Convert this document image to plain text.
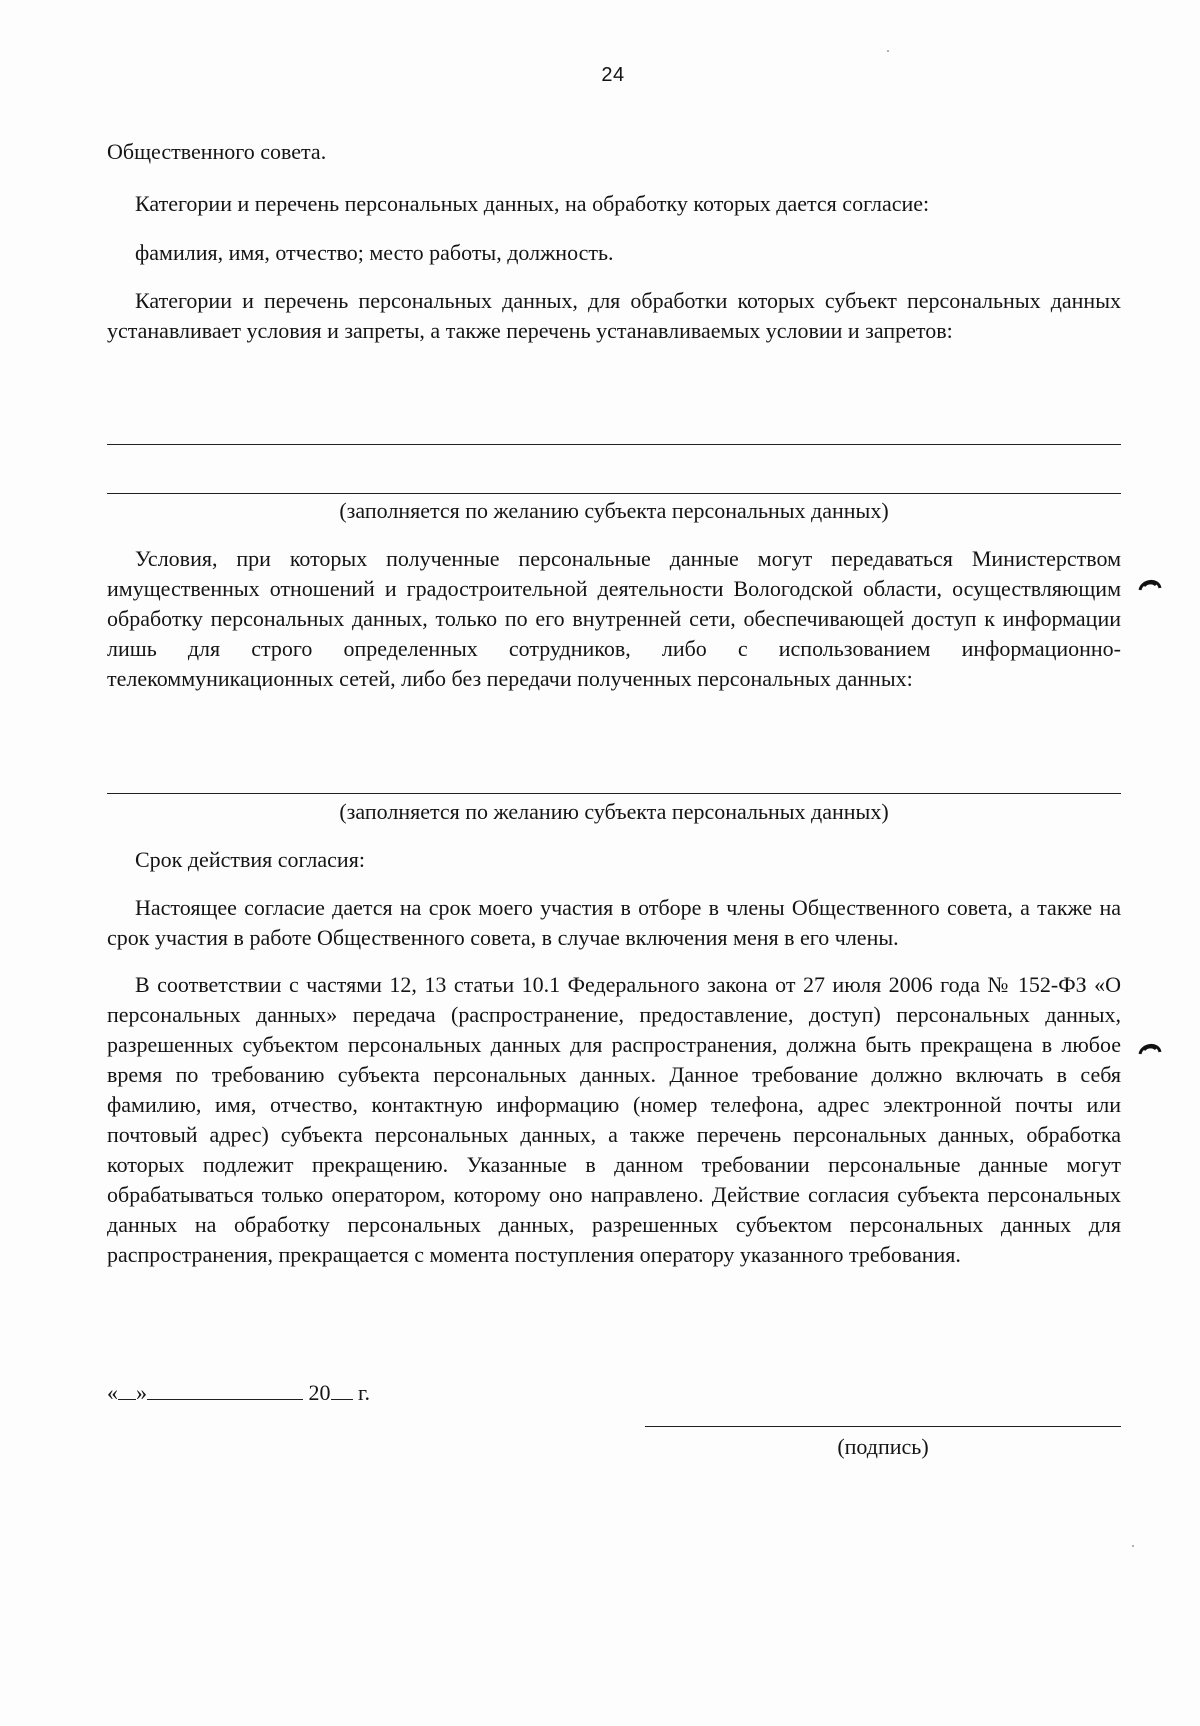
24

Общественного совета.

Категории и перечень персональных данных, на обработку которых дается согласие:

фамилия, имя, отчество; место работы, должность.

Категории и перечень персональных данных, для обработки которых субъект персональных данных устанавливает условия и запреты, а также перечень устанавливаемых условии и запретов:

(заполняется по желанию субъекта персональных данных)

Условия, при которых полученные персональные данные могут передаваться Министерством имущественных отношений и градостроительной деятельности Вологодской области, осуществляющим обработку персональных данных, только по его внутренней сети, обеспечивающей доступ к информации лишь для строго определенных сотрудников, либо с использованием информационно-телекоммуникационных сетей, либо без передачи полученных персональных данных:

(заполняется по желанию субъекта персональных данных)

Срок действия согласия:

Настоящее согласие дается на срок моего участия в отборе в члены Общественного совета, а также на срок участия в работе Общественного совета, в случае включения меня в его члены.

В соответствии с частями 12, 13 статьи 10.1 Федерального закона от 27 июля 2006 года № 152-ФЗ «О персональных данных» передача (распространение, предоставление, доступ) персональных данных, разрешенных субъектом персональных данных для распространения, должна быть прекращена в любое время по требованию субъекта персональных данных. Данное требование должно включать в себя фамилию, имя, отчество, контактную информацию (номер телефона, адрес электронной почты или почтовый адрес) субъекта персональных данных, а также перечень персональных данных, обработка которых подлежит прекращению. Указанные в данном требовании персональные данные могут обрабатываться только оператором, которому оно направлено. Действие согласия субъекта персональных данных на обработку персональных данных, разрешенных субъектом персональных данных для распространения, прекращается с момента поступления оператору указанного требования.

« »	20 г.
(подпись)
